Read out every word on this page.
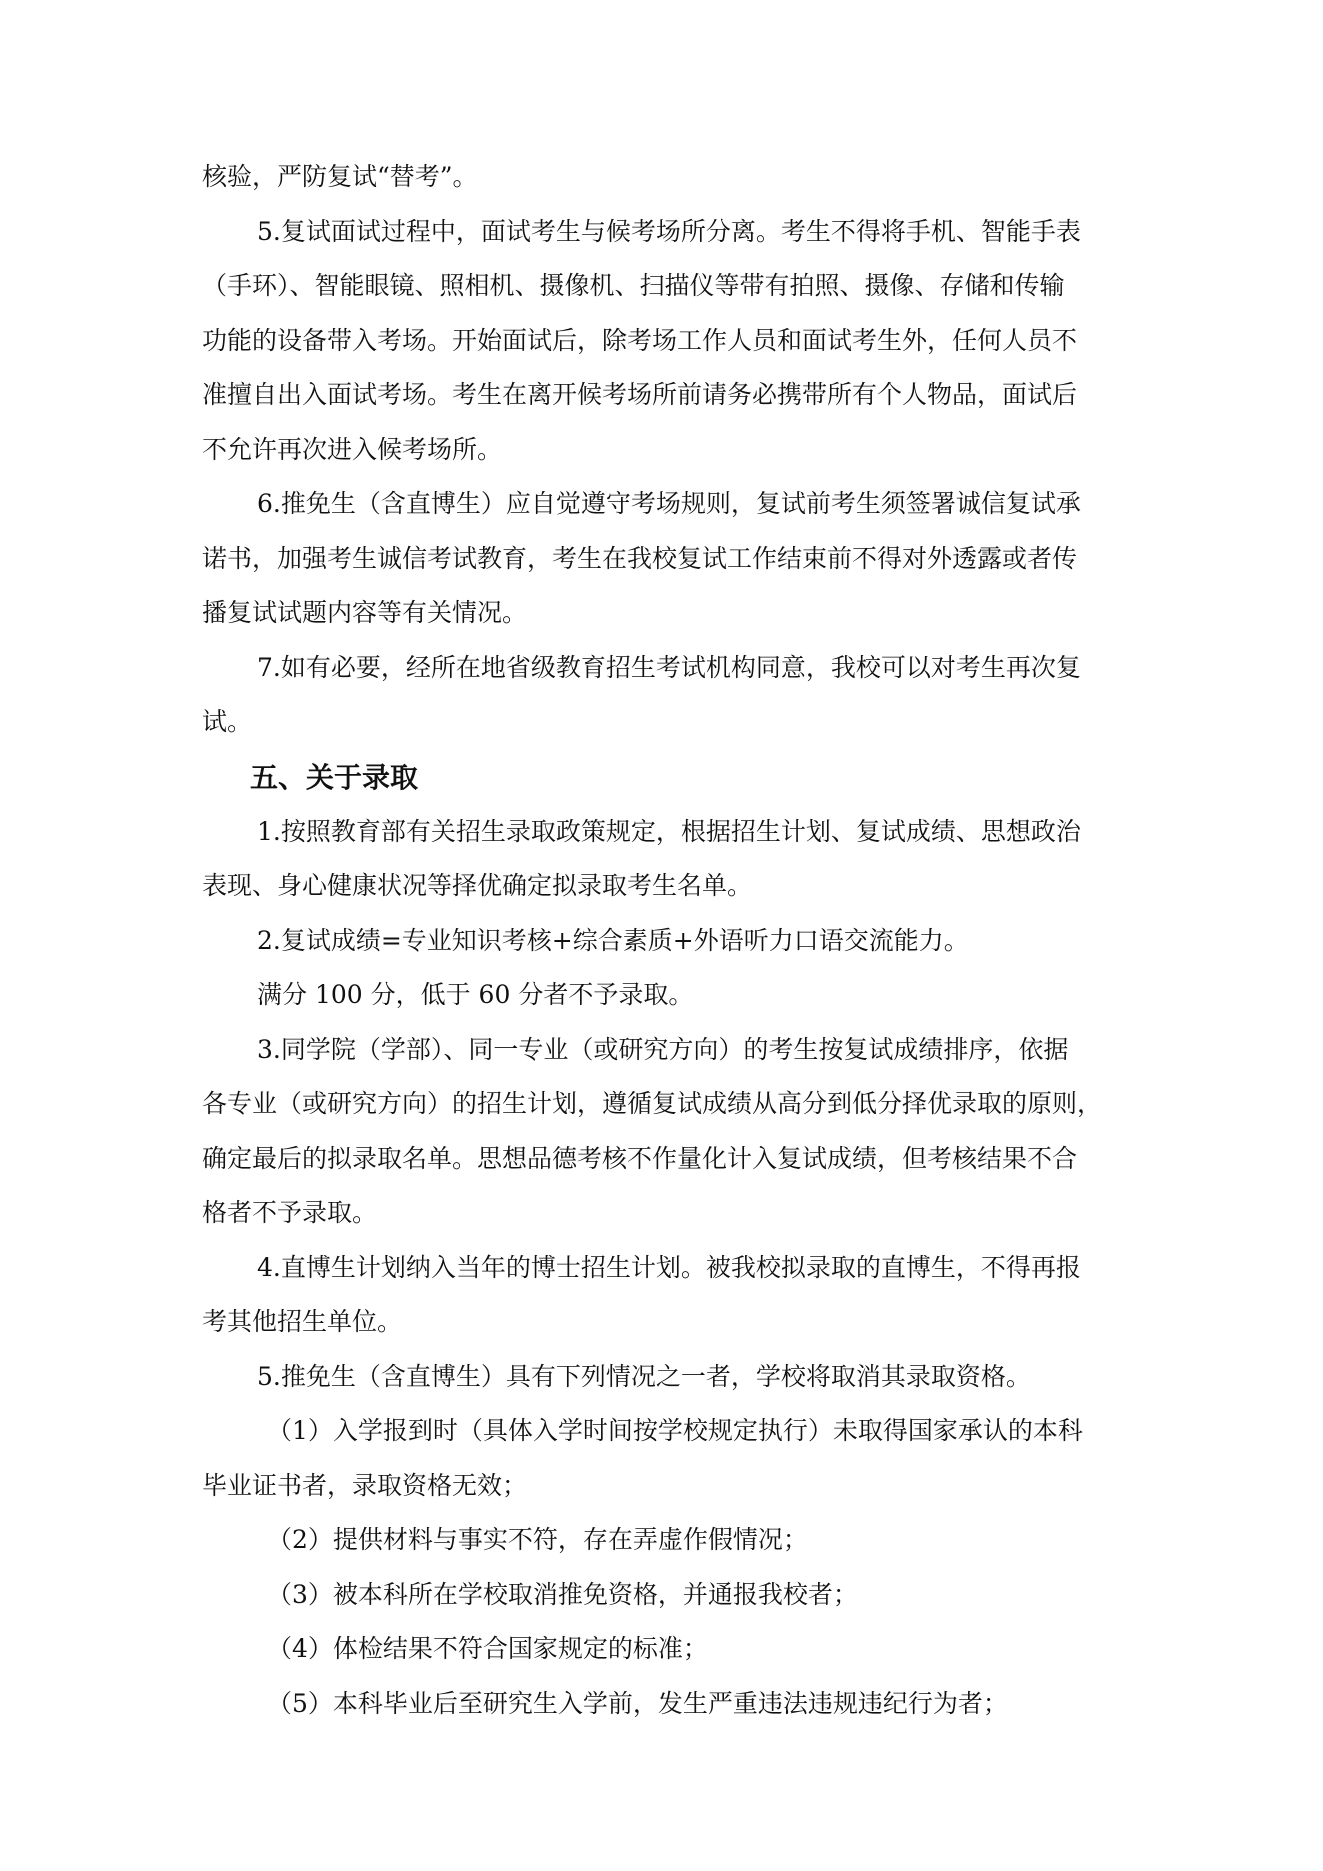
核验，严防复试“替考”。
5.复试面试过程中，面试考生与候考场所分离。考生不得将手机、智能手表
（手环）、智能眼镜、照相机、摄像机、扫描仪等带有拍照、摄像、存储和传输
功能的设备带入考场。开始面试后，除考场工作人员和面试考生外，任何人员不
准擅自出入面试考场。考生在离开候考场所前请务必携带所有个人物品，面试后
不允许再次进入候考场所。
6.推免生（含直博生）应自觉遵守考场规则，复试前考生须签署诚信复试承
诺书，加强考生诚信考试教育，考生在我校复试工作结束前不得对外透露或者传
播复试试题内容等有关情况。
7.如有必要，经所在地省级教育招生考试机构同意，我校可以对考生再次复
试。
五、关于录取
1.按照教育部有关招生录取政策规定，根据招生计划、复试成绩、思想政治
表现、身心健康状况等择优确定拟录取考生名单。
2.复试成绩=专业知识考核+综合素质+外语听力口语交流能力。
满分 100 分，低于 60 分者不予录取。
3.同学院（学部）、同一专业（或研究方向）的考生按复试成绩排序，依据
各专业（或研究方向）的招生计划，遵循复试成绩从高分到低分择优录取的原则，
确定最后的拟录取名单。思想品德考核不作量化计入复试成绩，但考核结果不合
格者不予录取。
4.直博生计划纳入当年的博士招生计划。被我校拟录取的直博生，不得再报
考其他招生单位。
5.推免生（含直博生）具有下列情况之一者，学校将取消其录取资格。
（1）入学报到时（具体入学时间按学校规定执行）未取得国家承认的本科
毕业证书者，录取资格无效；
（2）提供材料与事实不符，存在弄虚作假情况；
（3）被本科所在学校取消推免资格，并通报我校者；
（4）体检结果不符合国家规定的标准；
（5）本科毕业后至研究生入学前，发生严重违法违规违纪行为者；
